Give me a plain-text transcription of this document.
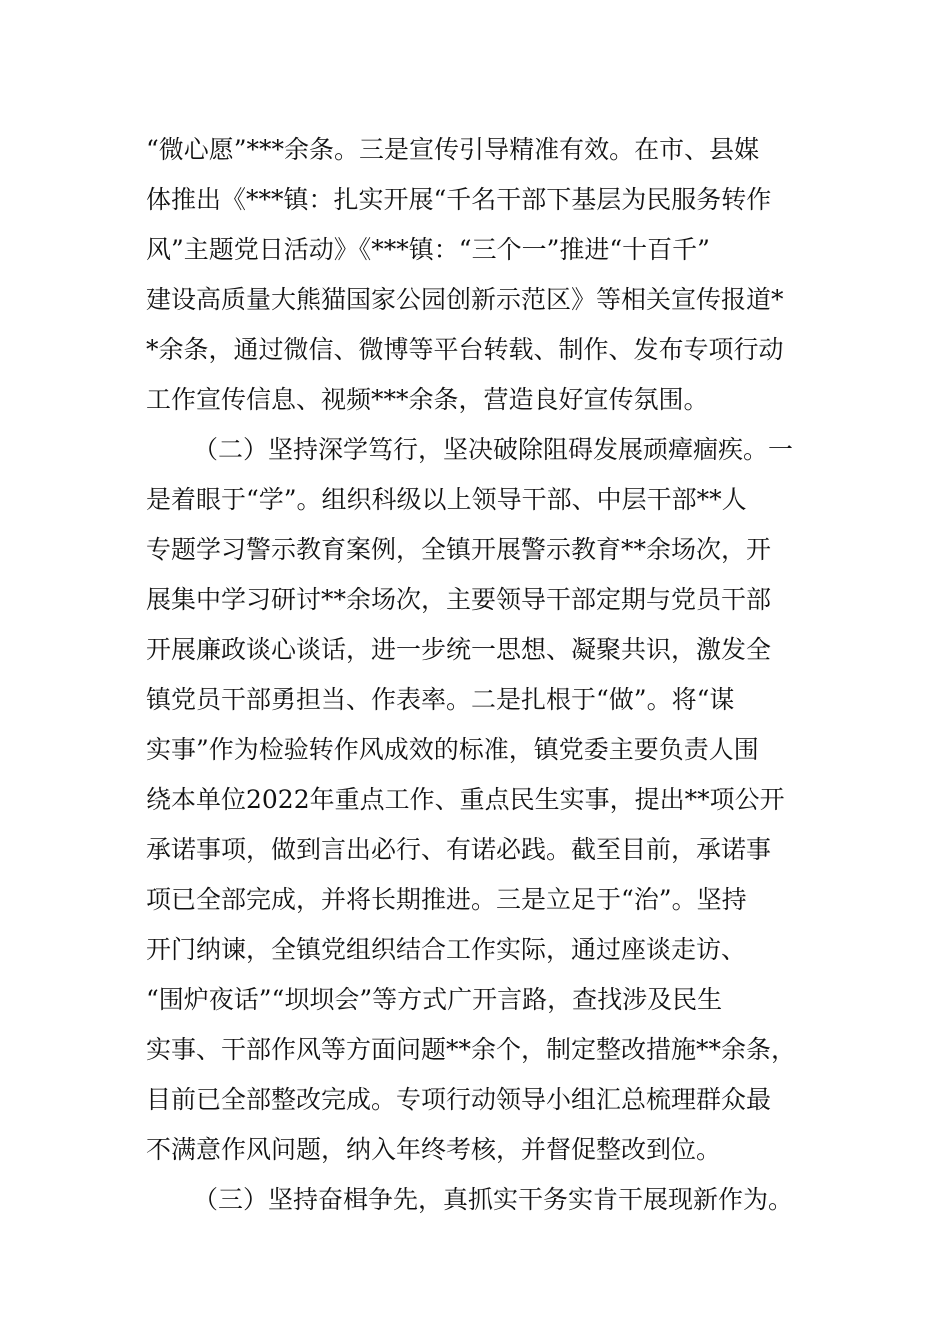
“微心愿”***余条。三是宣传引导精准有效。在市、县媒
体推出《***镇：扎实开展“千名干部下基层为民服务转作
风”主题党日活动》《***镇：“三个一”推进“十百千”
建设高质量大熊猫国家公园创新示范区》等相关宣传报道*
*余条，通过微信、微博等平台转载、制作、发布专项行动
工作宣传信息、视频***余条，营造良好宣传氛围。
（二）坚持深学笃行，坚决破除阻碍发展顽瘴痼疾。一
是着眼于“学”。组织科级以上领导干部、中层干部**人
专题学习警示教育案例，全镇开展警示教育**余场次，开
展集中学习研讨**余场次，主要领导干部定期与党员干部
开展廉政谈心谈话，进一步统一思想、凝聚共识，激发全
镇党员干部勇担当、作表率。二是扎根于“做”。将“谋
实事”作为检验转作风成效的标准，镇党委主要负责人围
绕本单位2022年重点工作、重点民生实事，提出**项公开
承诺事项，做到言出必行、有诺必践。截至目前，承诺事
项已全部完成，并将长期推进。三是立足于“治”。坚持
开门纳谏，全镇党组织结合工作实际，通过座谈走访、
“围炉夜话”“坝坝会”等方式广开言路，查找涉及民生
实事、干部作风等方面问题**余个，制定整改措施**余条，
目前已全部整改完成。专项行动领导小组汇总梳理群众最
不满意作风问题，纳入年终考核，并督促整改到位。
（三）坚持奋楫争先，真抓实干务实肯干展现新作为。
